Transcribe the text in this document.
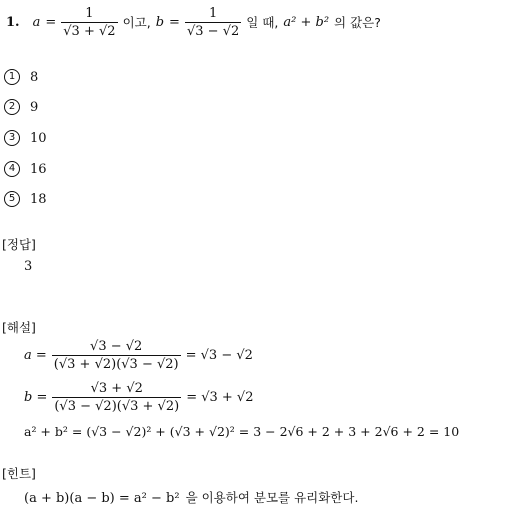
1. $a = \frac{1}{√3 + √2}$ 이고, $b = \frac{1}{√3 - √2}$ 일 때, a² + b² 의 값은?
1	8
2	9
3	10
4	16
5	18
[정답]
3
[해설]
$a = \frac{√3 - √2}{(√3 + √2)(√3 - √2)} = √3 - √2$
$b = \frac{√3 + √2}{(√3 - √2)(√3 + √2)} = √3 + √2$
a² + b² = (√3 − √2)² + (√3 + √2)² = 3 − 2√6 + 2 + 3 + 2√6 + 2 = 10
[힌트]
(a + b)(a − b) = a² − b² 을 이용하여 분모를 유리화한다.
